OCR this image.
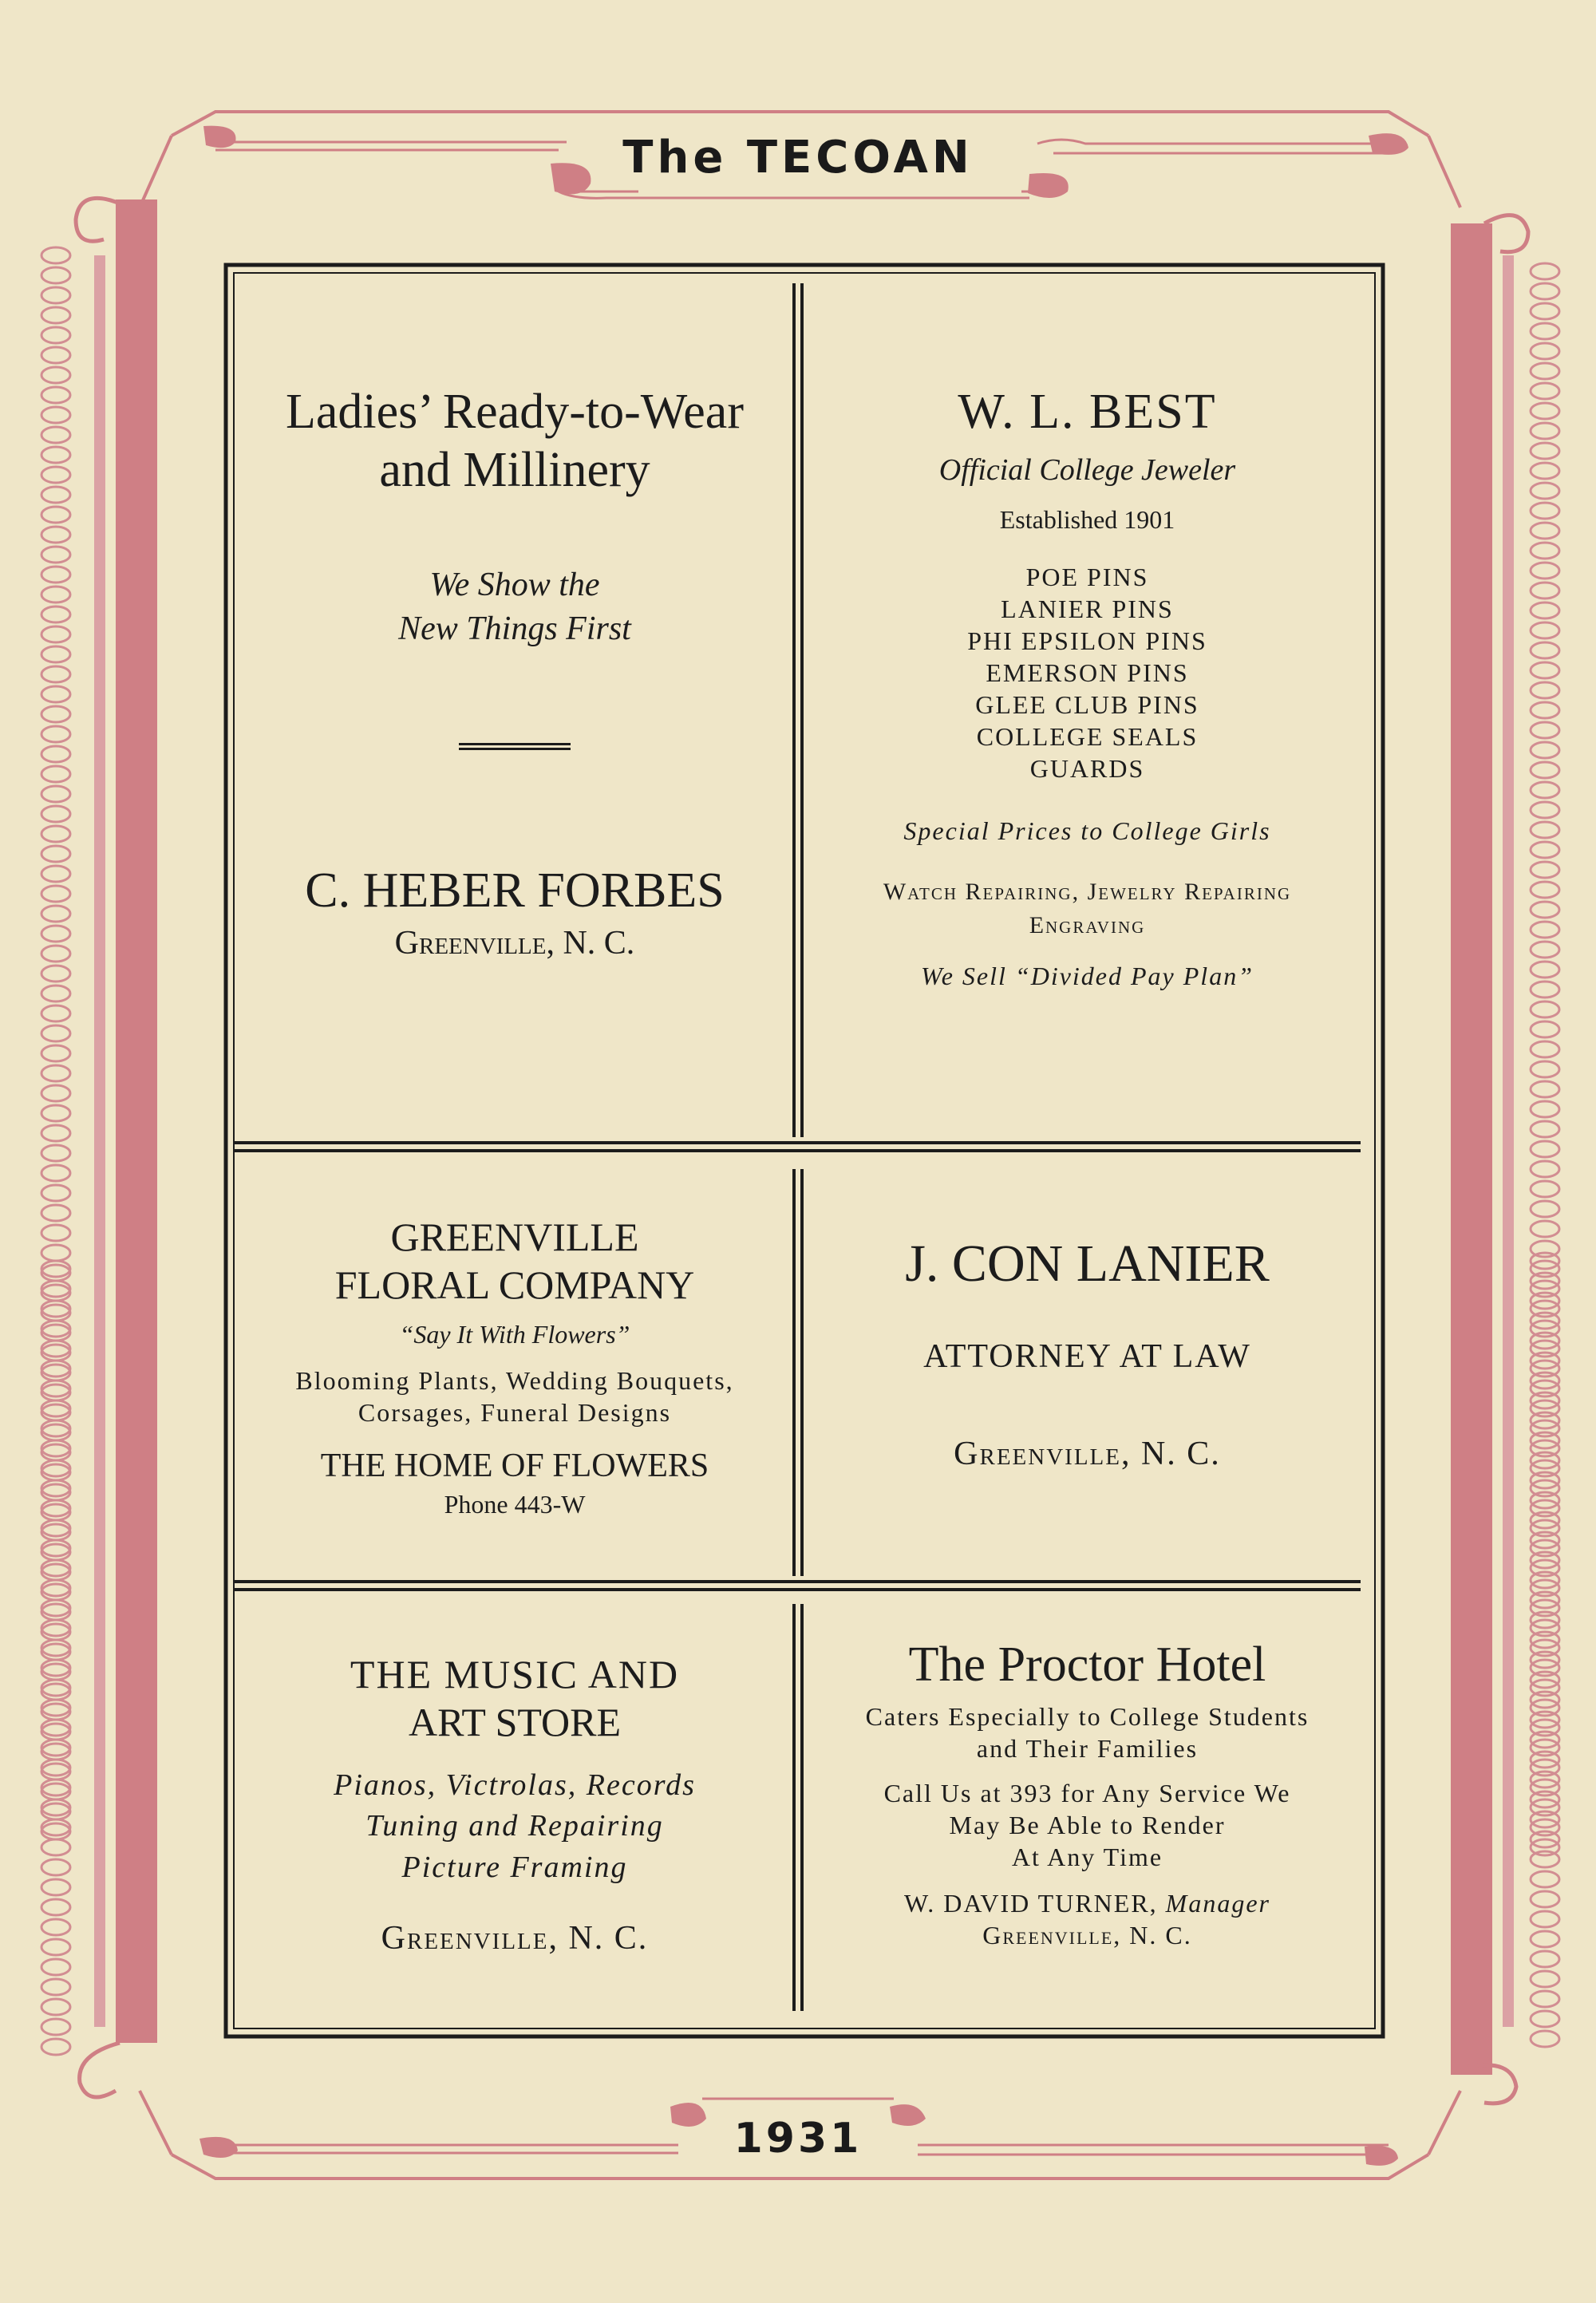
The TECOAN
Ladies’ Ready-to-Wear
and Millinery
We Show the
New Things First
C. HEBER FORBES
Greenville, N. C.
W. L. BEST
Official College Jeweler
Established 1901
POE PINS
LANIER PINS
PHI EPSILON PINS
EMERSON PINS
GLEE CLUB PINS
COLLEGE SEALS
GUARDS
Special Prices to College Girls
Watch Repairing, Jewelry Repairing
Engraving
We Sell “Divided Pay Plan”
GREENVILLE
FLORAL COMPANY
“Say It With Flowers”
Blooming Plants, Wedding Bouquets,
Corsages, Funeral Designs
THE HOME OF FLOWERS
Phone 443-W
J. CON LANIER
ATTORNEY AT LAW
Greenville, N. C.
THE MUSIC AND
ART STORE
Pianos, Victrolas, Records
Tuning and Repairing
Picture Framing
Greenville, N. C.
The Proctor Hotel
Caters Especially to College Students
and Their Families
Call Us at 393 for Any Service We
May Be Able to Render
At Any Time
W. DAVID TURNER, Manager
Greenville, N. C.
1931
